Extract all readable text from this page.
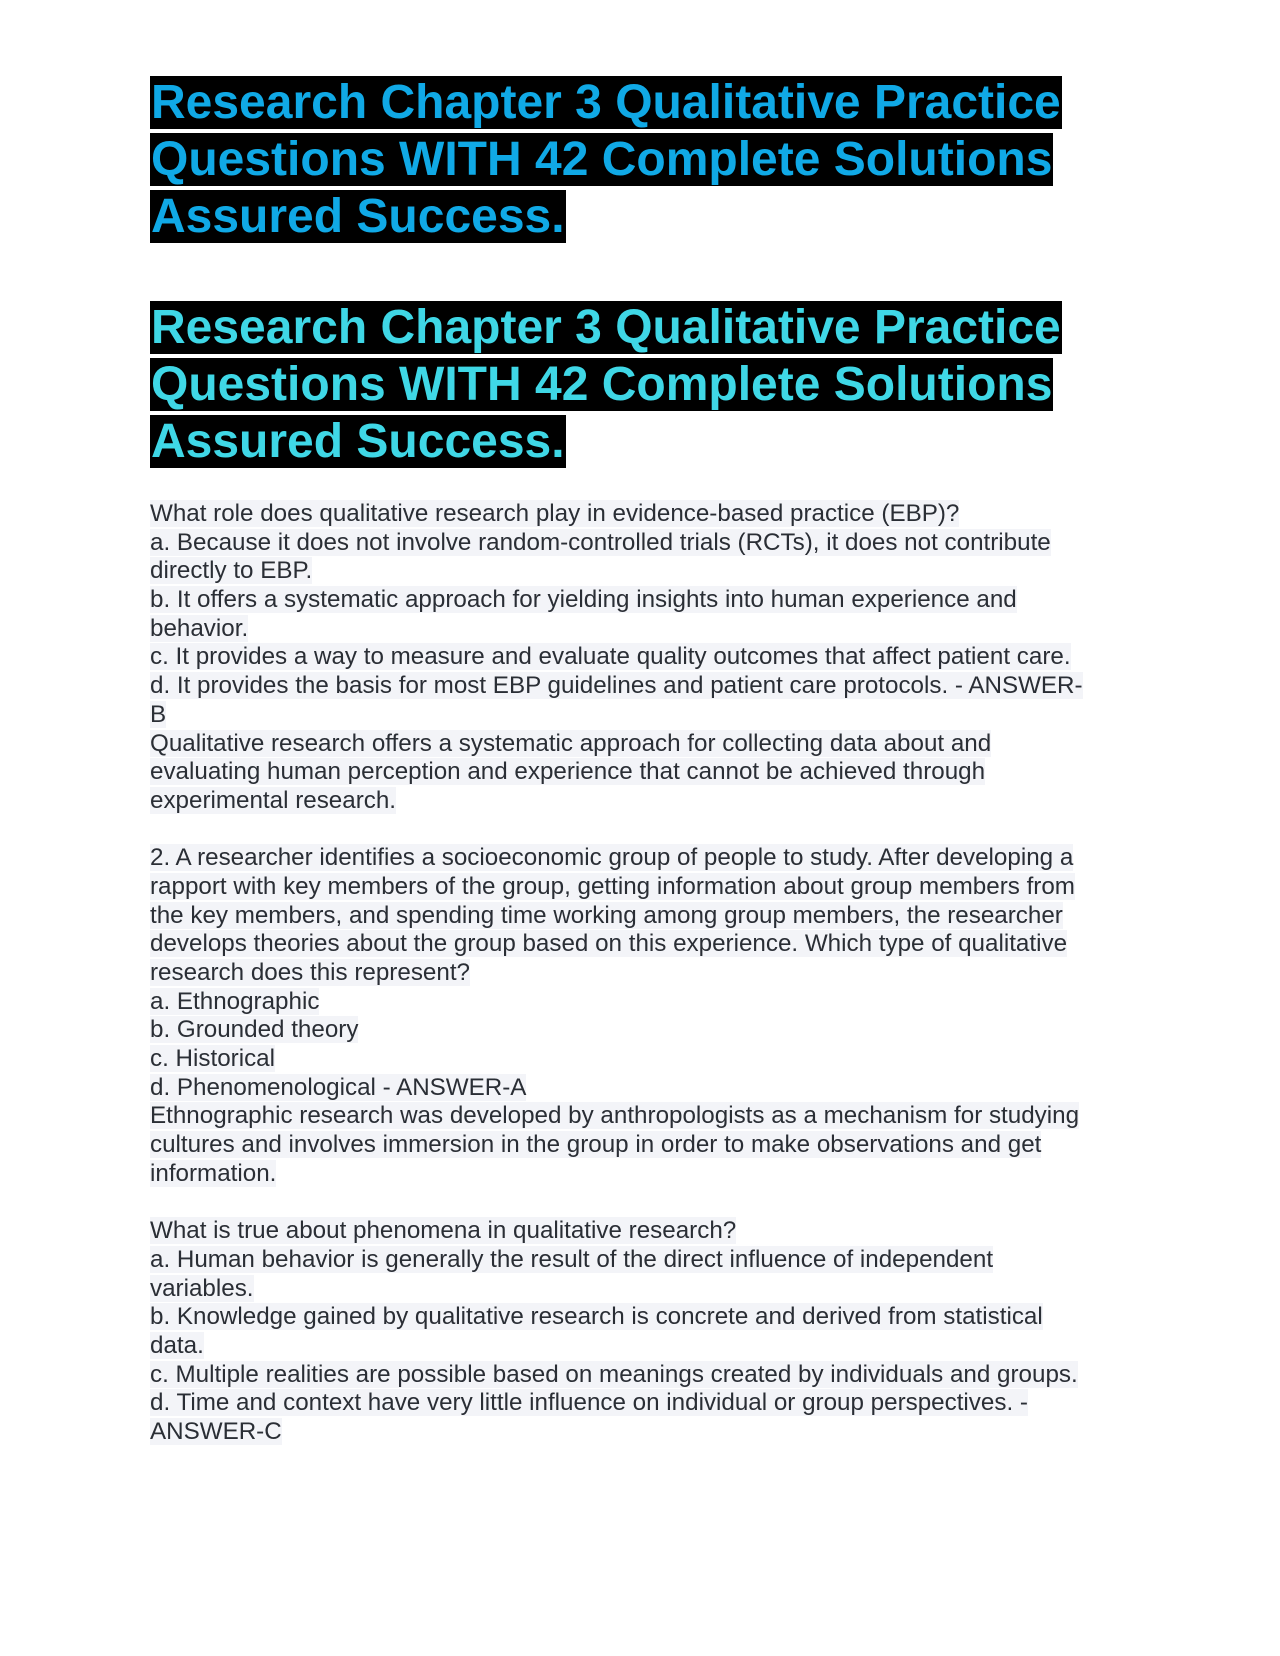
Research Chapter 3 Qualitative Practice
Questions WITH 42 Complete Solutions
Assured Success.
Research Chapter 3 Qualitative Practice
Questions WITH 42 Complete Solutions
Assured Success.
What role does qualitative research play in evidence-based practice (EBP)?
a. Because it does not involve random-controlled trials (RCTs), it does not contribute
directly to EBP.
b. It offers a systematic approach for yielding insights into human experience and
behavior.
c. It provides a way to measure and evaluate quality outcomes that affect patient care.
d. It provides the basis for most EBP guidelines and patient care protocols. - ANSWER-
B
Qualitative research offers a systematic approach for collecting data about and
evaluating human perception and experience that cannot be achieved through
experimental research.
2. A researcher identifies a socioeconomic group of people to study. After developing a
rapport with key members of the group, getting information about group members from
the key members, and spending time working among group members, the researcher
develops theories about the group based on this experience. Which type of qualitative
research does this represent?
a. Ethnographic
b. Grounded theory
c. Historical
d. Phenomenological - ANSWER-A
Ethnographic research was developed by anthropologists as a mechanism for studying
cultures and involves immersion in the group in order to make observations and get
information.
What is true about phenomena in qualitative research?
a. Human behavior is generally the result of the direct influence of independent
variables.
b. Knowledge gained by qualitative research is concrete and derived from statistical
data.
c. Multiple realities are possible based on meanings created by individuals and groups.
d. Time and context have very little influence on individual or group perspectives. -
ANSWER-C
